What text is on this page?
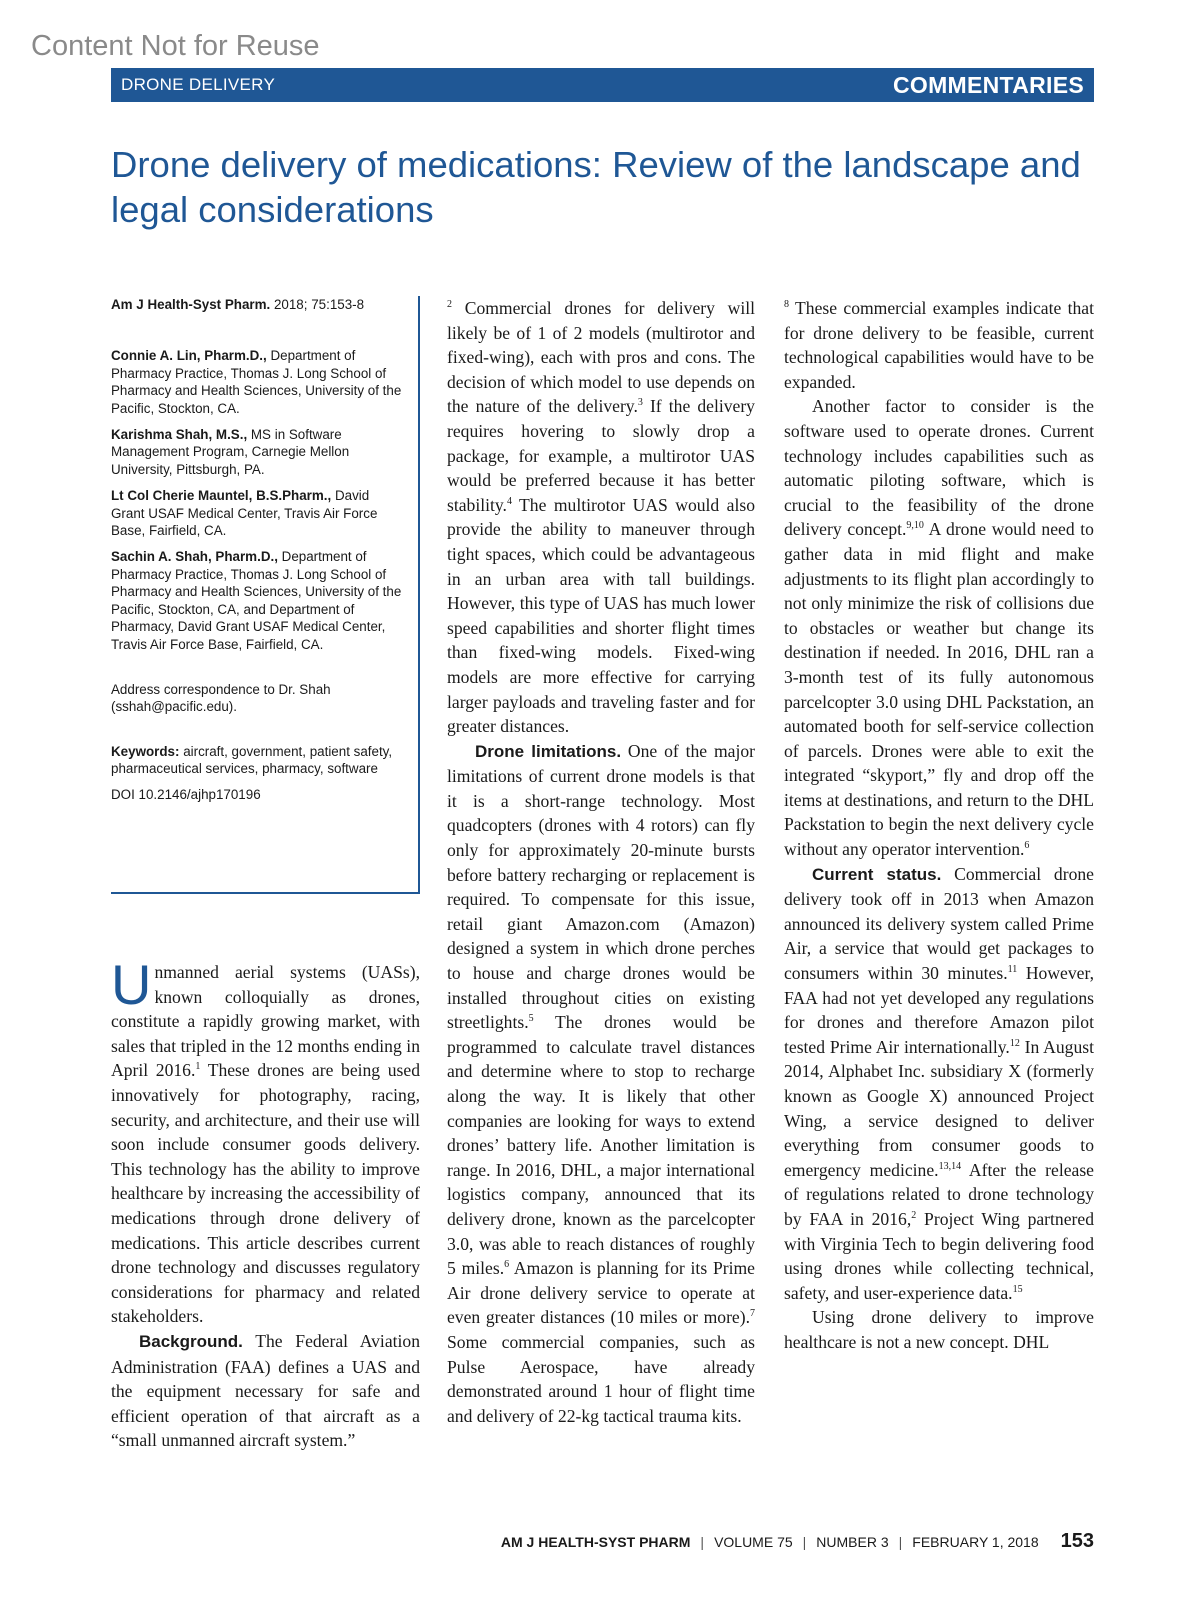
Content Not for Reuse
DRONE DELIVERY	COMMENTARIES
Drone delivery of medications: Review of the landscape and legal considerations

Am J Health-Syst Pharm. 2018; 75:153-8

Connie A. Lin, Pharm.D., Department of Pharmacy Practice, Thomas J. Long School of Pharmacy and Health Sciences, University of the Pacific, Stockton, CA.

Karishma Shah, M.S., MS in Software Management Program, Carnegie Mellon University, Pittsburgh, PA.

Lt Col Cherie Mauntel, B.S.Pharm., David Grant USAF Medical Center, Travis Air Force Base, Fairfield, CA.

Sachin A. Shah, Pharm.D., Department of Pharmacy Practice, Thomas J. Long School of Pharmacy and Health Sciences, University of the Pacific, Stockton, CA, and Department of Pharmacy, David Grant USAF Medical Center, Travis Air Force Base, Fairfield, CA.

Address correspondence to Dr. Shah (sshah@pacific.edu).

Keywords: aircraft, government, patient safety, pharmaceutical services, pharmacy, software

DOI 10.2146/ajhp170196

Unmanned aerial systems (UASs), known colloquially as drones, constitute a rapidly growing market, with sales that tripled in the 12 months ending in April 2016.$^1$ These drones are being used innovatively for photography, racing, security, and architecture, and their use will soon include consumer goods delivery. This technology has the ability to improve healthcare by increasing the accessibility of medications through drone delivery of medications. This article describes current drone technology and discusses regulatory considerations for pharmacy and related stakeholders.

Background. The Federal Aviation Administration (FAA) defines a UAS and the equipment necessary for safe and efficient operation of that aircraft as a “small unmanned aircraft system.”

$^2$ Commercial drones for delivery will likely be of 1 of 2 models (multirotor and fixed-wing), each with pros and cons. The decision of which model to use depends on the nature of the delivery.$^3$ If the delivery requires hovering to slowly drop a package, for example, a multirotor UAS would be preferred because it has better stability.$^4$ The multirotor UAS would also provide the ability to maneuver through tight spaces, which could be advantageous in an urban area with tall buildings. However, this type of UAS has much lower speed capabilities and shorter flight times than fixed-wing models. Fixed-wing models are more effective for carrying larger payloads and traveling faster and for greater distances.

Drone limitations. One of the major limitations of current drone models is that it is a short-range technology. Most quadcopters (drones with 4 rotors) can fly only for approximately 20-minute bursts before battery recharging or replacement is required. To compensate for this issue, retail giant Amazon.com (Amazon) designed a system in which drone perches to house and charge drones would be installed throughout cities on existing streetlights.$^5$ The drones would be programmed to calculate travel distances and determine where to stop to recharge along the way. It is likely that other companies are looking for ways to extend drones’ battery life. Another limitation is range. In 2016, DHL, a major international logistics company, announced that its delivery drone, known as the parcelcopter 3.0, was able to reach distances of roughly 5 miles.$^6$ Amazon is planning for its Prime Air drone delivery service to operate at even greater distances (10 miles or more).$^7$ Some commercial companies, such as Pulse Aerospace, have already demonstrated around 1 hour of flight time and delivery of 22-kg tactical trauma kits.

$^8$ These commercial examples indicate that for drone delivery to be feasible, current technological capabilities would have to be expanded.

Another factor to consider is the software used to operate drones. Current technology includes capabilities such as automatic piloting software, which is crucial to the feasibility of the drone delivery concept.$^{9,10}$ A drone would need to gather data in mid flight and make adjustments to its flight plan accordingly to not only minimize the risk of collisions due to obstacles or weather but change its destination if needed. In 2016, DHL ran a 3-month test of its fully autonomous parcelcopter 3.0 using DHL Packstation, an automated booth for self-service collection of parcels. Drones were able to exit the integrated “skyport,” fly and drop off the items at destinations, and return to the DHL Packstation to begin the next delivery cycle without any operator intervention.$^6$

Current status. Commercial drone delivery took off in 2013 when Amazon announced its delivery system called Prime Air, a service that would get packages to consumers within 30 minutes.$^{11}$ However, FAA had not yet developed any regulations for drones and therefore Amazon pilot tested Prime Air internationally.$^{12}$ In August 2014, Alphabet Inc. subsidiary X (formerly known as Google X) announced Project Wing, a service designed to deliver everything from consumer goods to emergency medicine.$^{13,14}$ After the release of regulations related to drone technology by FAA in 2016,$^2$ Project Wing partnered with Virginia Tech to begin delivering food using drones while collecting technical, safety, and user-experience data.$^{15}$

Using drone delivery to improve healthcare is not a new concept. DHL

AM J HEALTH-SYST PHARM | VOLUME 75 | NUMBER 3 | FEBRUARY 1, 2018 153
